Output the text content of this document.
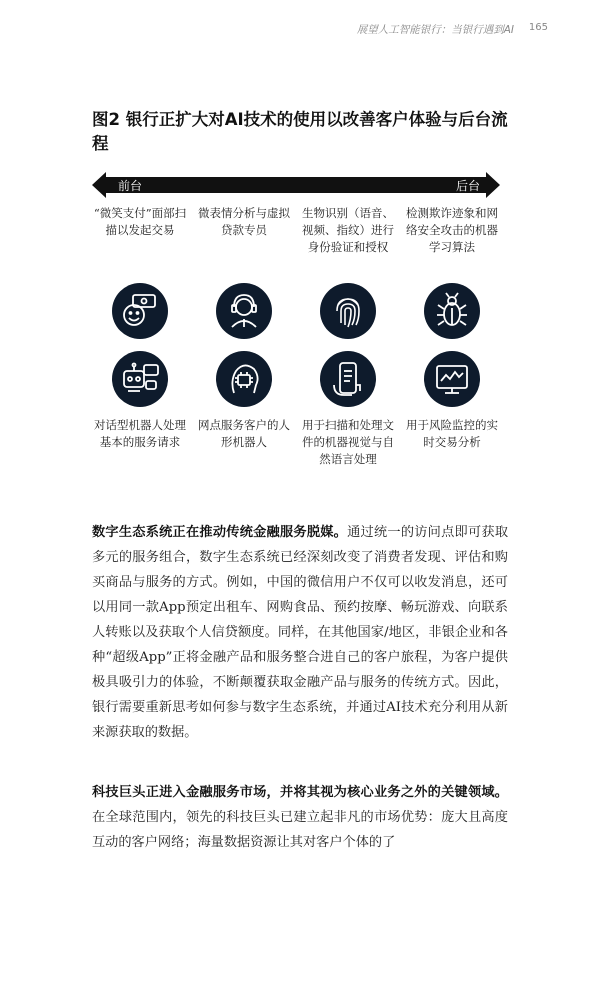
展望人工智能银行：当银行遇到AI 165
图2 银行正扩大对AI技术的使用以改善客户体验与后台流程
前台	后台
“微笑支付”面部扫描以发起交易
微表情分析与虚拟贷款专员
生物识别（语音、视频、指纹）进行身份验证和授权
检测欺诈迹象和网络安全攻击的机器学习算法
对话型机器人处理基本的服务请求
网点服务客户的人形机器人
用于扫描和处理文件的机器视觉与自然语言处理
用于风险监控的实时交易分析

数字生态系统正在推动传统金融服务脱媒。通过统一的访问点即可获取多元的服务组合，数字生态系统已经深刻改变了消费者发现、评估和购买商品与服务的方式。例如，中国的微信用户不仅可以收发消息，还可以用同一款App预定出租车、网购食品、预约按摩、畅玩游戏、向联系人转账以及获取个人信贷额度。同样，在其他国家/地区，非银企业和各种“超级App”正将金融产品和服务整合进自己的客户旅程，为客户提供极具吸引力的体验，不断颠覆获取金融产品与服务的传统方式。因此，银行需要重新思考如何参与数字生态系统，并通过AI技术充分利用从新来源获取的数据。

科技巨头正进入金融服务市场，并将其视为核心业务之外的关键领域。在全球范围内，领先的科技巨头已建立起非凡的市场优势：庞大且高度互动的客户网络；海量数据资源让其对客户个体的了
